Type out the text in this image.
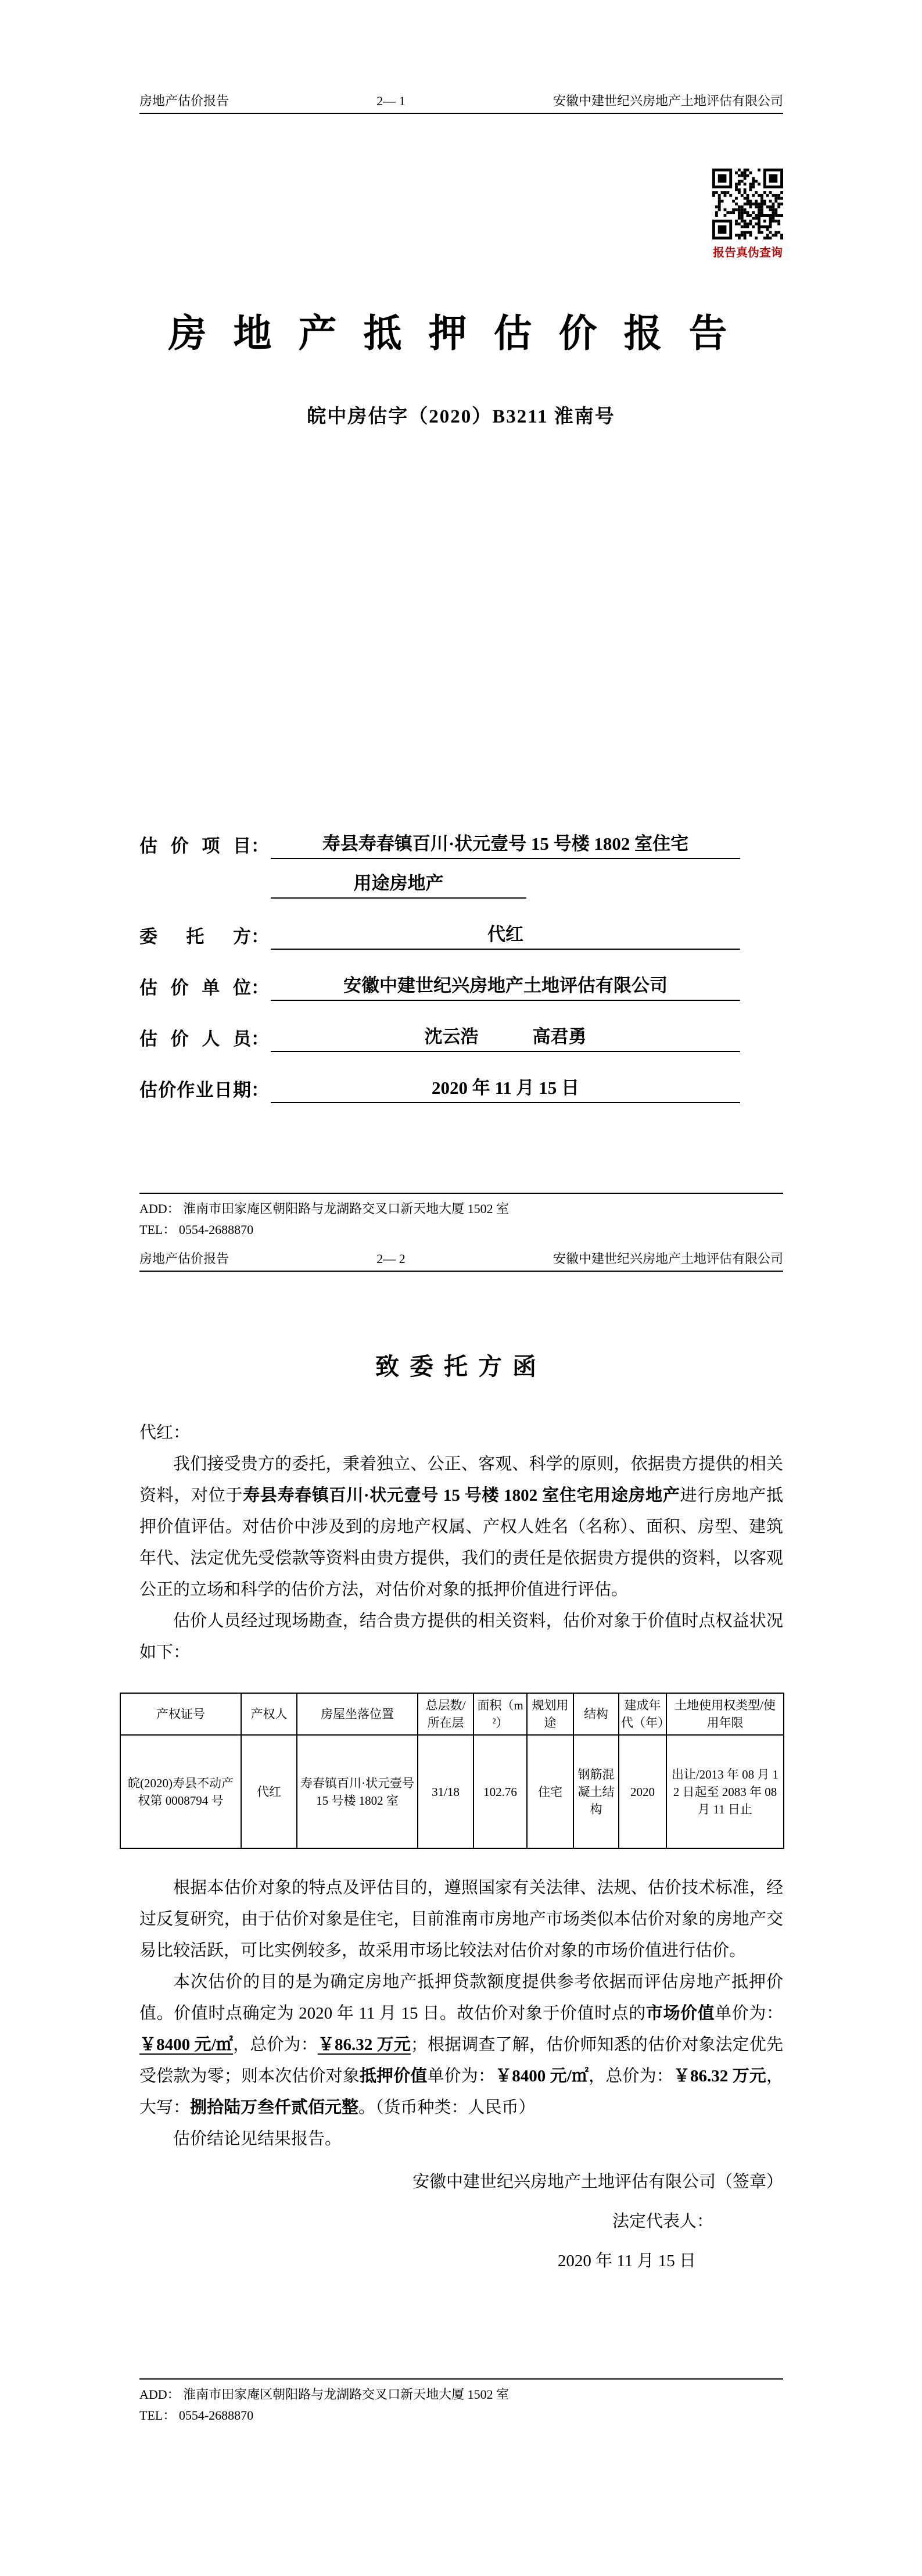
房地产估价报告	2— 1	安徽中建世纪兴房地产土地评估有限公司
报告真伪查询
房地产抵押估价报告
皖中房估字（2020）B3211 淮南号
估价项目 ：	寿县寿春镇百川·状元壹号 15 号楼 1802 室住宅
用途房地产
委托方 ：	代红
估价单位 ：	安徽中建世纪兴房地产土地评估有限公司
估价人员 ：	沈云浩　　　高君勇
估价作业日期 ：	2020 年 11 月 15 日
ADD： 淮南市田家庵区朝阳路与龙湖路交叉口新天地大厦 1502 室
TEL： 0554-2688870
房地产估价报告	2— 2	安徽中建世纪兴房地产土地评估有限公司
致委托方函

代红：

我们接受贵方的委托，秉着独立、公正、客观、科学的原则，依据贵方提供的相关资料，对位于寿县寿春镇百川·状元壹号 15 号楼 1802 室住宅用途房地产进行房地产抵押价值评估。对估价中涉及到的房地产权属、产权人姓名（名称）、面积、房型、建筑年代、法定优先受偿款等资料由贵方提供，我们的责任是依据贵方提供的资料，以客观公正的立场和科学的估价方法，对估价对象的抵押价值进行评估。

估价人员经过现场勘查，结合贵方提供的相关资料，估价对象于价值时点权益状况如下：

产权证号	产权人	房屋坐落位置	总层数/所在层	面积（m²）	规划用途	结构	建成年代（年）	土地使用权类型/使用年限
皖(2020)寿县不动产权第 0008794 号	代红	寿春镇百川·状元壹号 15 号楼 1802 室	31/18	102.76	住宅	钢筋混凝土结构	2020	出让/2013 年 08 月 12 日起至 2083 年 08 月 11 日止

根据本估价对象的特点及评估目的，遵照国家有关法律、法规、估价技术标准，经过反复研究，由于估价对象是住宅，目前淮南市房地产市场类似本估价对象的房地产交易比较活跃，可比实例较多，故采用市场比较法对估价对象的市场价值进行估价。

本次估价的目的是为确定房地产抵押贷款额度提供参考依据而评估房地产抵押价值。价值时点确定为 2020 年 11 月 15 日。故估价对象于价值时点的市场价值单价为：￥8400 元/㎡，总价为：￥86.32 万元；根据调查了解，估价师知悉的估价对象法定优先受偿款为零；则本次估价对象抵押价值单价为：￥8400 元/㎡，总价为：￥86.32 万元，大写：捌拾陆万叁仟贰佰元整。（货币种类：人民币）

估价结论见结果报告。

安徽中建世纪兴房地产土地评估有限公司（签章）
法定代表人：
2020 年 11 月 15 日
ADD： 淮南市田家庵区朝阳路与龙湖路交叉口新天地大厦 1502 室
TEL： 0554-2688870
